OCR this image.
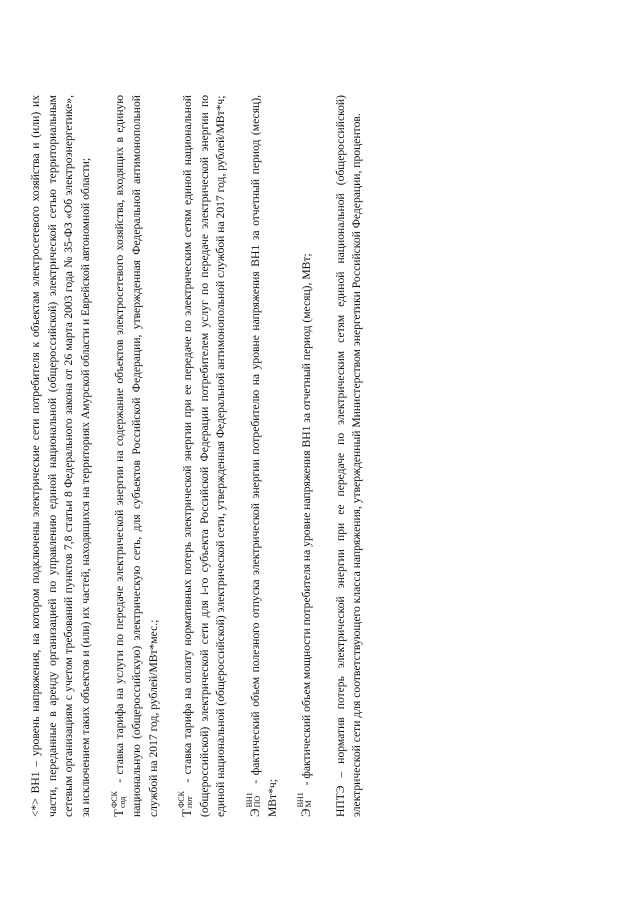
<*> ВН1 – уровень напряжения, на котором подключены электрические сети потребителя к объектам электросетевого хозяйства и (или) их части, переданные в аренду организацией по управлению единой национальной (общероссийской) электрической сетью территориальным сетевым организациям с учетом требований пунктов 7,8 статьи 8 Федерального закона от 26 марта 2003 года № 35-ФЗ «Об электроэнергетике», за исключением таких объектов и (или) их частей, находящихся на территориях Амурской области и Еврейской автономной области; Т
ФСК сод
- ставка тарифа на услуги по передаче электрической энергии на содержание объектов электросетевого хозяйства, входящих в единую национальную (общероссийскую) электрическую сеть, для субъектов Российской Федерации, утвержденная Федеральной антимонопольной службой на 2017 год, рублей/МВт*мес.; Т
ФСК пот
- ставка тарифа на оплату нормативных потерь электрической энергии при ее передаче по электрическим сетям единой национальной (общероссийской) электрической сети для i-го субъекта Российской Федерации потребителем услуг по передаче электрической энергии по единой национальной (общероссийской) электрической сети, утвержденная Федеральной антимонопольной службой на 2017 год, рублей/МВт*ч; Э
ВН1 ПО
- фактический объем полезного отпуска электрической энергии потребителю на уровне напряжения ВН1 за отчетный период (месяц), МВт*ч; Э
ВН1 М
- фактический объем мощности потребителя на уровне напряжения ВН1 за отчетный период (месяц), МВт;

НПТЭ – норматив потерь электрической энергии при ее передаче по электрическим сетям единой национальной (общероссийской) электрической сети для соответствующего класса напряжения, утвержденный Министерством энергетики Российской Федерации, процентов.
